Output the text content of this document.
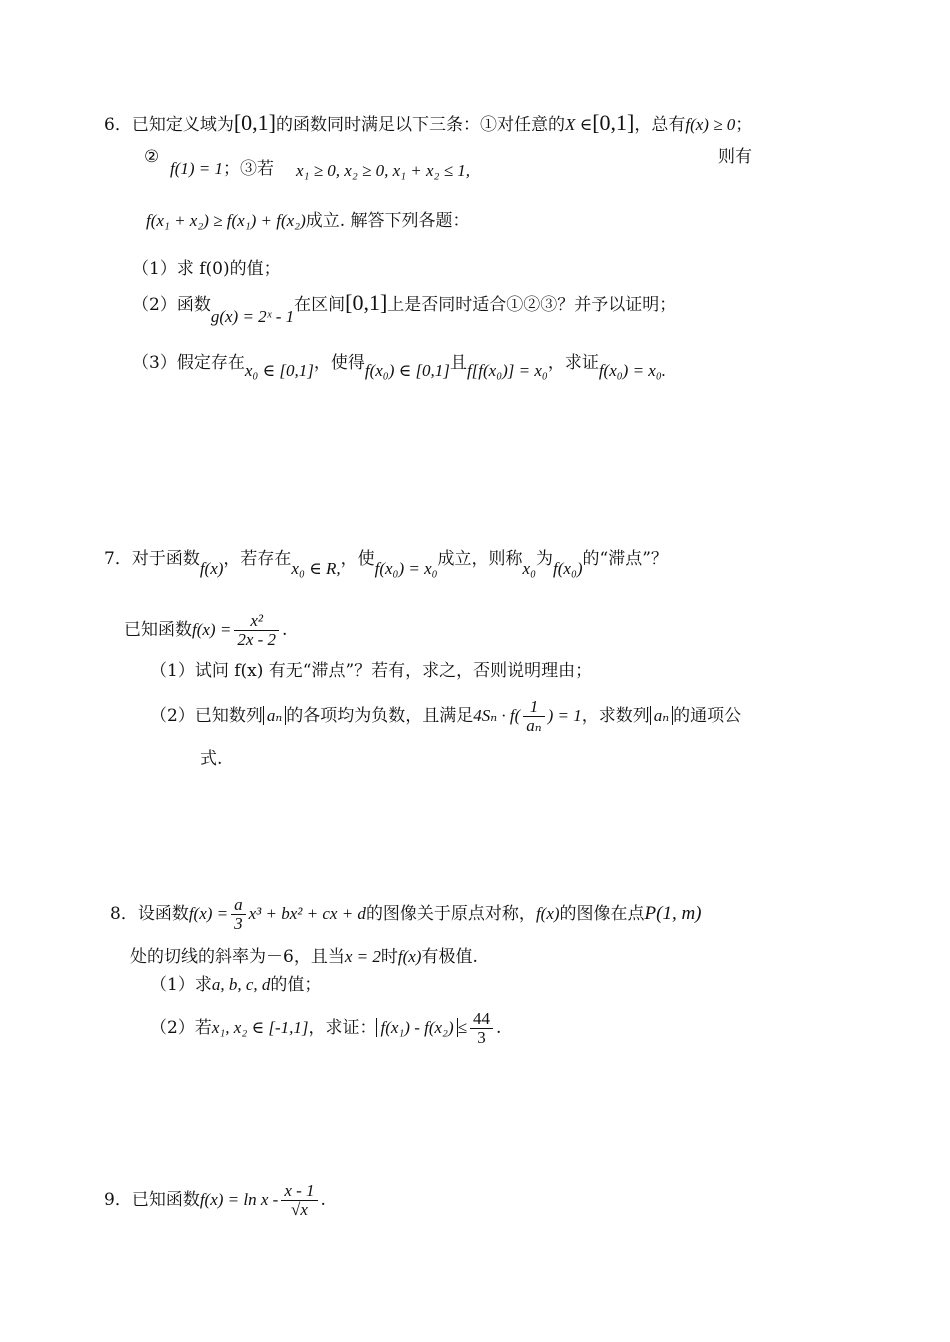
6．已知定义域为[0,1]的函数同时满足以下三条：①对任意的X ∈[0,1]，总有f(x) ≥ 0；
②
f(1) = 1；③若 x₁ ≥ 0, x₂ ≥ 0, x₁ + x₂ ≤ 1,
则有
f(x₁ + x₂) ≥ f(x₁) + f(x₂)成立. 解答下列各题：
（1）求 f(0)的值；
（2）函数g(x) = 2ˣ - 1在区间[0,1]上是否同时适合①②③？并予以证明；
（3）假定存在x₀ ∈ [0,1]，使得f(x₀) ∈ [0,1]且f[f(x₀)] = x₀，求证f(x₀) = x₀.
7．对于函数f(x)，若存在x₀ ∈ R,，使f(x₀) = x₀成立，则称x₀为f(x₀)的“滞点”？
已知函数$f(x) = \frac{\text{x²}}{2x - 2}$ .
（1）试问 f(x) 有无“滞点”？若有，求之，否则说明理由；
（2）已知数列 aₙ 的各项均为负数，且满足$4S_n \cdot f( \frac{1}{\text{aₙ}}$ ) = 1，求数列 aₙ 的通项公
式.
8．设函数$f(x) = \frac{a}{3} x^3 + bx^2$ + cx + d的图像关于原点对称，f(x)的图像在点P(1, m)
处的切线的斜率为－6，且当x = 2时f(x)有极值.
（1）求a, b, c, d的值；
（2）若x₁, x₂ ∈ [-1,1]，求证： $f(x_1) - f(x_2) \le \frac{44}{3}$ .
9．已知函数$f(x) = \ln x - \frac{x - 1}{√x}$ .
